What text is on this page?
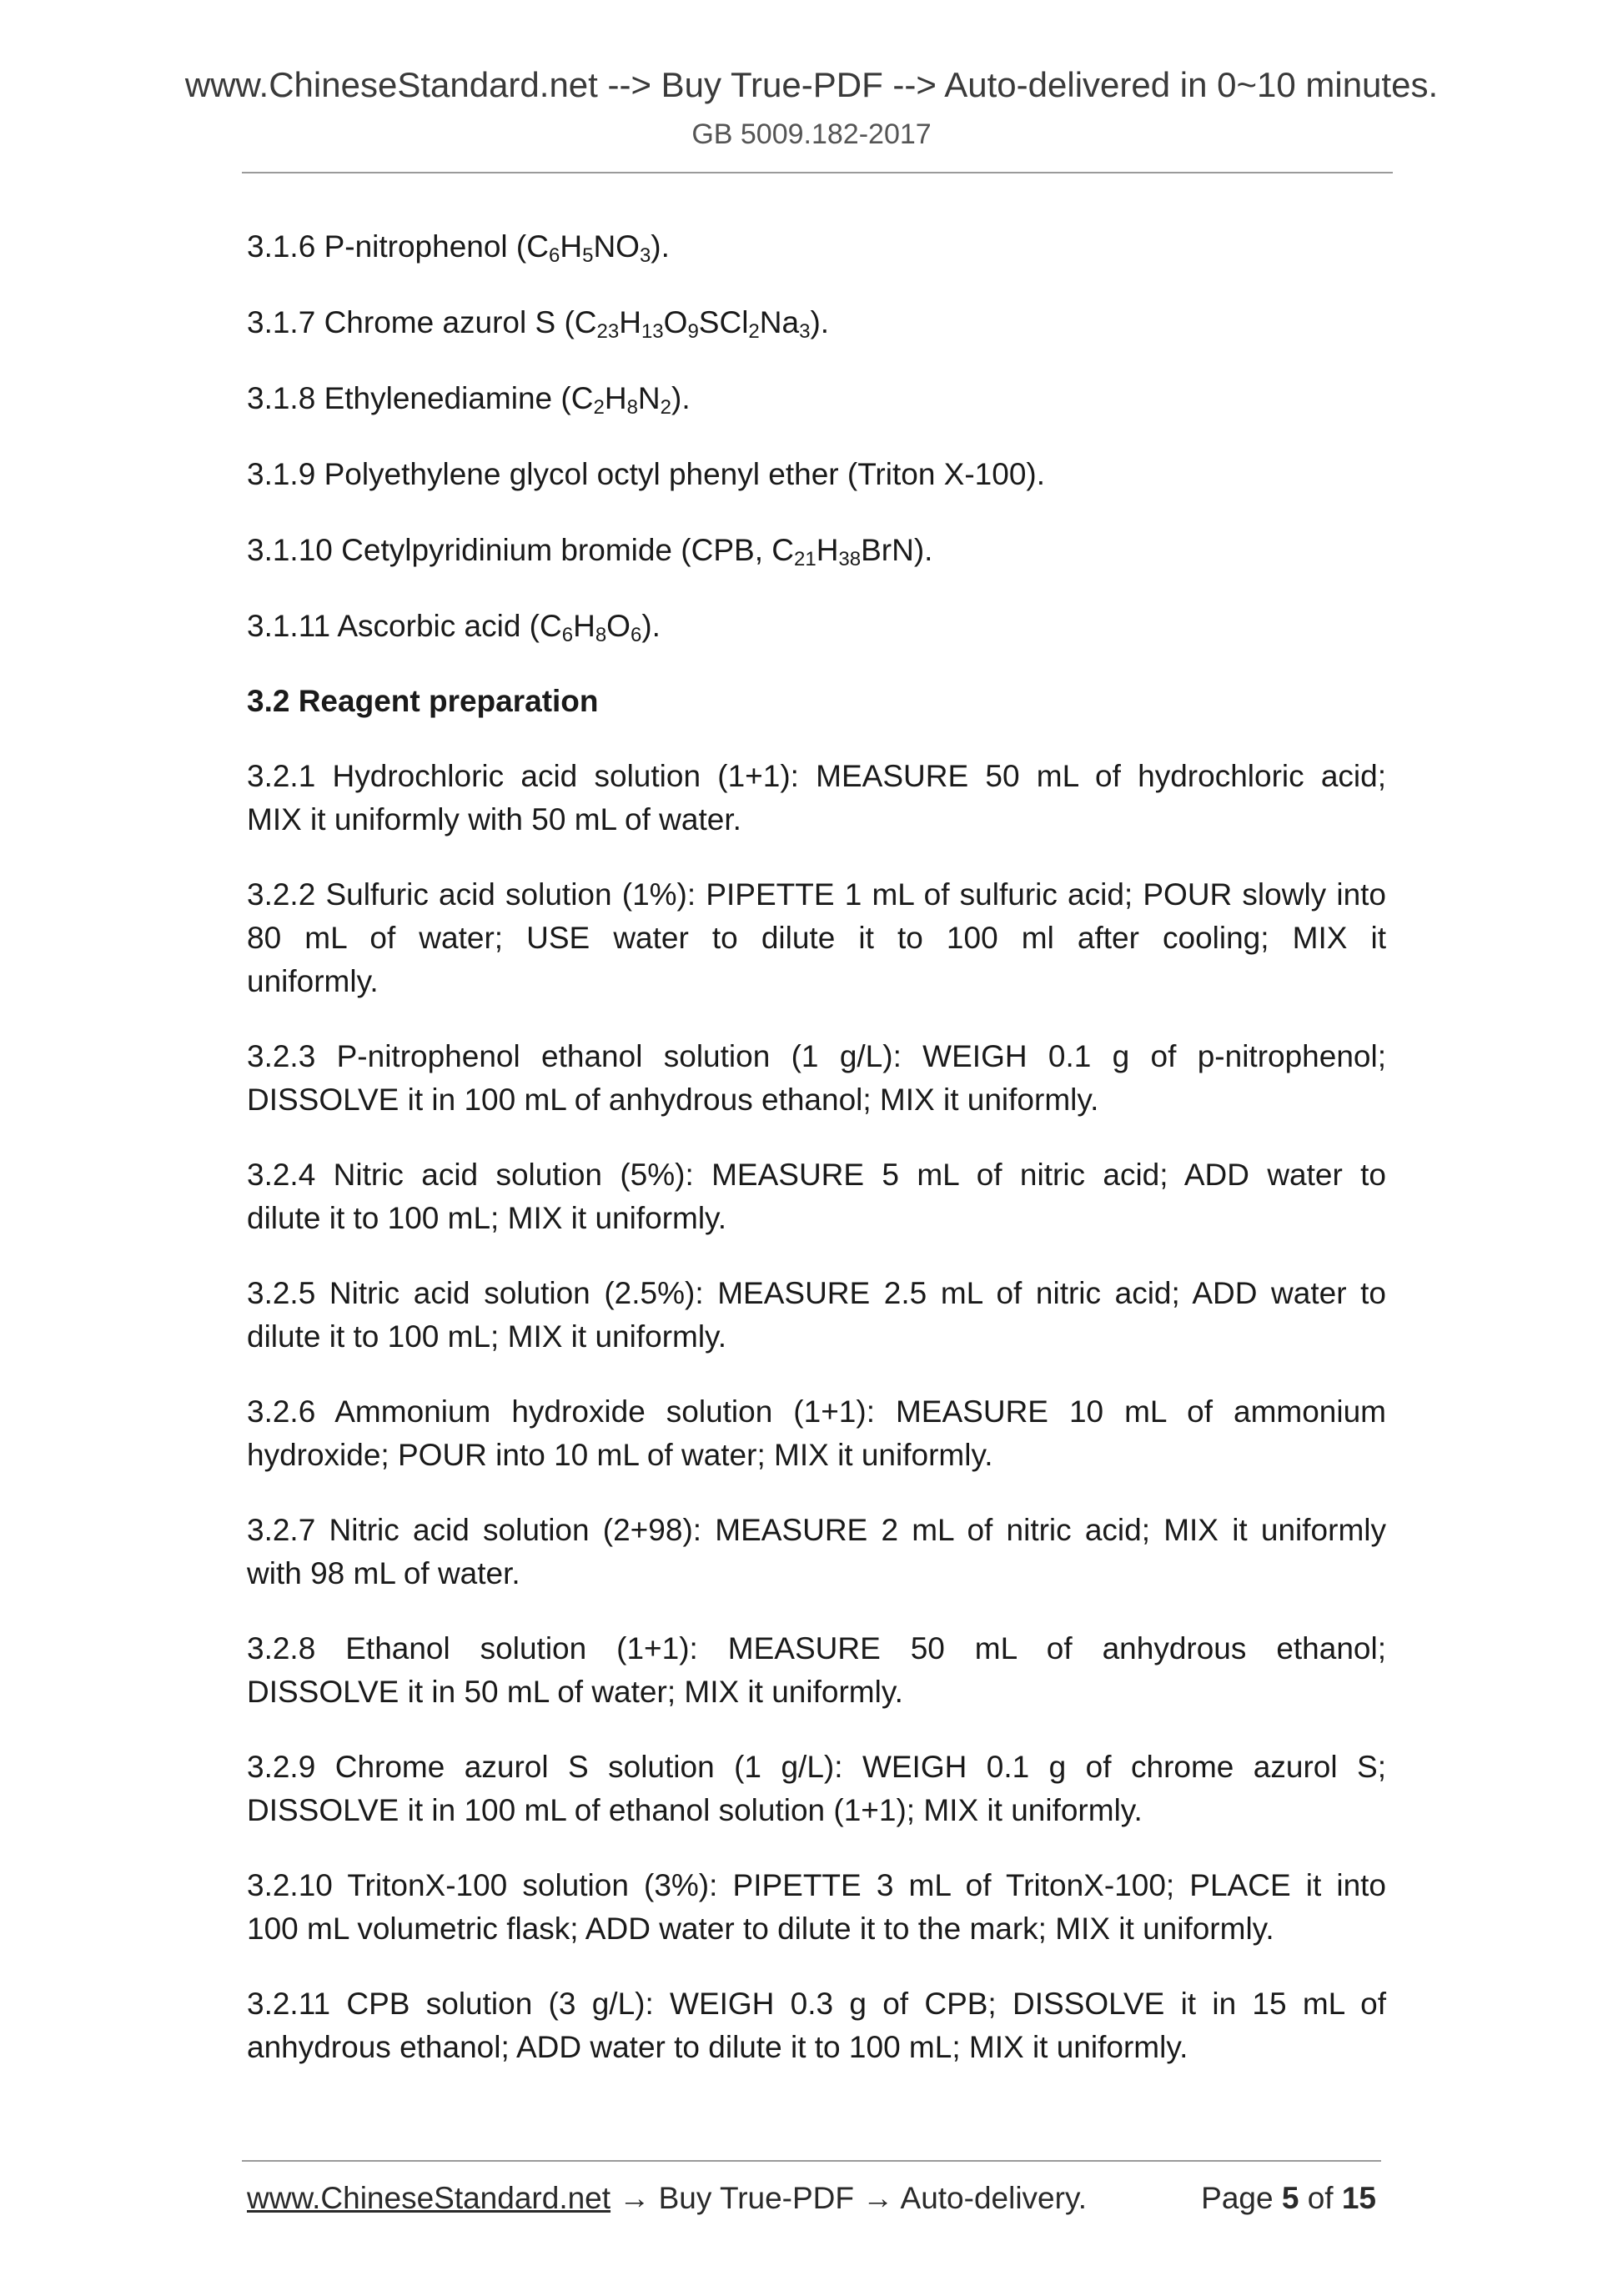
www.ChineseStandard.net --> Buy True-PDF --> Auto-delivered in 0~10 minutes.
GB 5009.182-2017
3.1.6 P-nitrophenol $(C_6H_5NO_3)$.
3.1.7 Chrome azurol S $(C_{23}H_{13}O_9SCl_2Na_3)$.
3.1.8 Ethylenediamine $(C_2H_8N_2)$.
3.1.9 Polyethylene glycol octyl phenyl ether (Triton X-100).
3.1.10 Cetylpyridinium bromide (CPB, $C_{21}H_{38}BrN$).
3.1.11 Ascorbic acid $(C_6H_8O_6)$.
3.2 Reagent preparation
3.2.1 Hydrochloric acid solution (1+1): MEASURE 50 mL of hydrochloric acid;
MIX it uniformly with 50 mL of water.
3.2.2 Sulfuric acid solution (1%): PIPETTE 1 mL of sulfuric acid; POUR slowly into 80 mL of water; USE water to dilute it to 100 ml after cooling; MIX it
uniformly.
3.2.3 P-nitrophenol ethanol solution (1 g/L): WEIGH 0.1 g of p-nitrophenol;
DISSOLVE it in 100 mL of anhydrous ethanol; MIX it uniformly.
3.2.4 Nitric acid solution (5%): MEASURE 5 mL of nitric acid; ADD water to
dilute it to 100 mL; MIX it uniformly.
3.2.5 Nitric acid solution (2.5%): MEASURE 2.5 mL of nitric acid; ADD water to
dilute it to 100 mL; MIX it uniformly.
3.2.6 Ammonium hydroxide solution (1+1): MEASURE 10 mL of ammonium
hydroxide; POUR into 10 mL of water; MIX it uniformly.
3.2.7 Nitric acid solution (2+98): MEASURE 2 mL of nitric acid; MIX it uniformly
with 98 mL of water.
3.2.8 Ethanol solution (1+1): MEASURE 50 mL of anhydrous ethanol;
DISSOLVE it in 50 mL of water; MIX it uniformly.
3.2.9 Chrome azurol S solution (1 g/L): WEIGH 0.1 g of chrome azurol S;
DISSOLVE it in 100 mL of ethanol solution (1+1); MIX it uniformly.
3.2.10 TritonX-100 solution (3%): PIPETTE 3 mL of TritonX-100; PLACE it into
100 mL volumetric flask; ADD water to dilute it to the mark; MIX it uniformly.
3.2.11 CPB solution (3 g/L): WEIGH 0.3 g of CPB; DISSOLVE it in 15 mL of
anhydrous ethanol; ADD water to dilute it to 100 mL; MIX it uniformly.
www.ChineseStandard.net → Buy True-PDF → Auto-delivery.	Page 5 of 15
